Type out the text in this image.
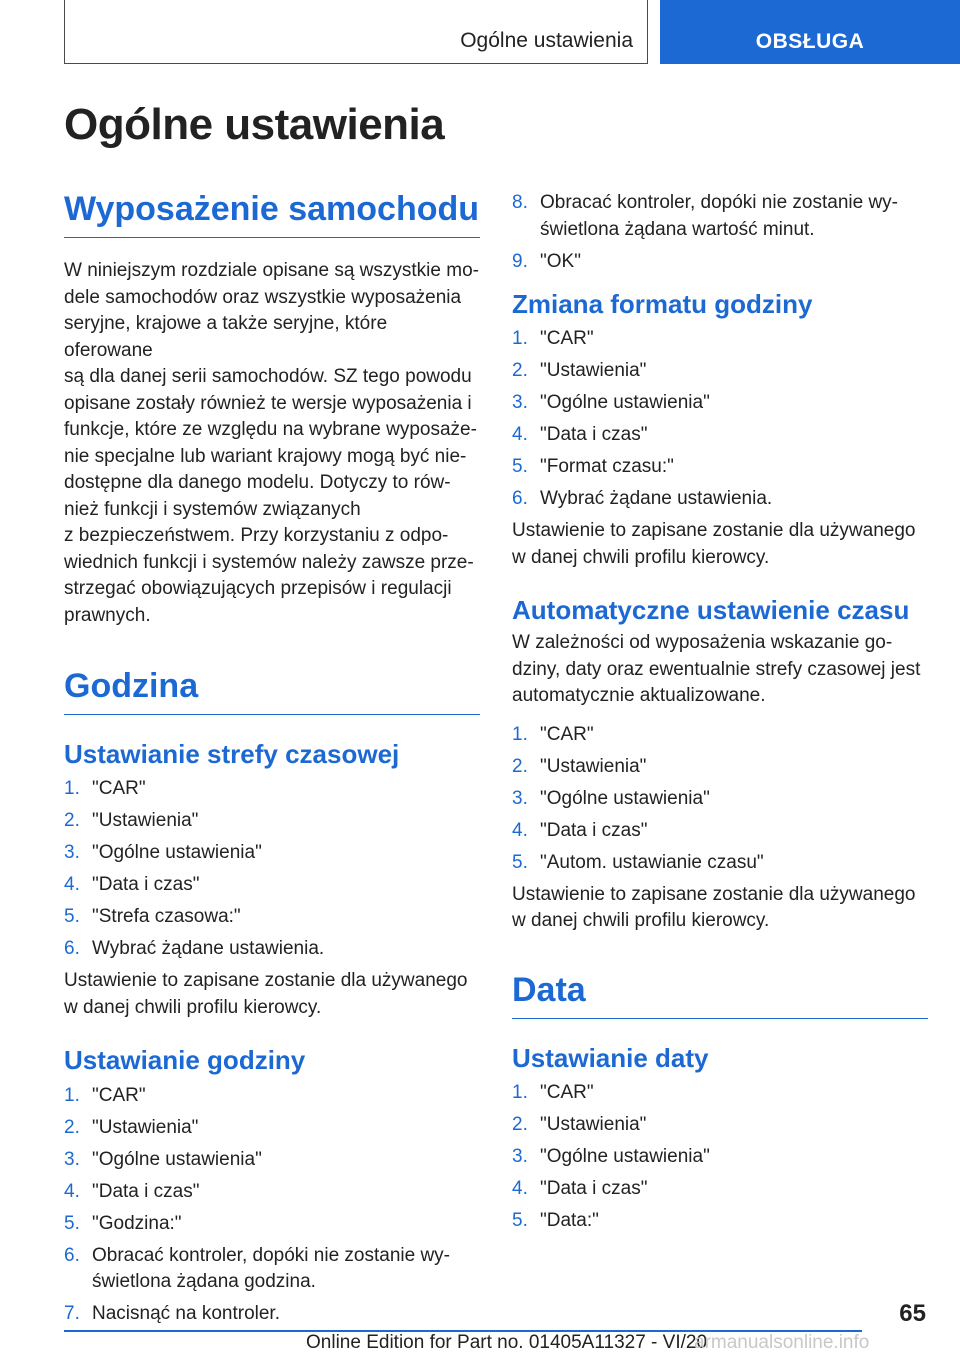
Ogólne ustawienia	OBSŁUGA
Ogólne ustawienia
Wyposażenie samochodu
W niniejszym rozdziale opisane są wszystkie mo‐
dele samochodów oraz wszystkie wyposażenia
seryjne, krajowe a także seryjne, które oferowane
są dla danej serii samochodów. SZ tego powodu
opisane zostały również te wersje wyposażenia i
funkcje, które ze względu na wybrane wyposaże‐
nie specjalne lub wariant krajowy mogą być nie‐
dostępne dla danego modelu. Dotyczy to rów‐
nież funkcji i systemów związanych
z bezpieczeństwem. Przy korzystaniu z odpo‐
wiednich funkcji i systemów należy zawsze prze‐
strzegać obowiązujących przepisów i regulacji
prawnych.
Godzina
Ustawianie strefy czasowej
1. "CAR"
2. "Ustawienia"
3. "Ogólne ustawienia"
4. "Data i czas"
5. "Strefa czasowa:"
6. Wybrać żądane ustawienia.
Ustawienie to zapisane zostanie dla używanego
w danej chwili profilu kierowcy.
Ustawianie godziny
1. "CAR"
2. "Ustawienia"
3. "Ogólne ustawienia"
4. "Data i czas"
5. "Godzina:"
6. Obracać kontroler, dopóki nie zostanie wy‐ świetlona żądana godzina.
7. Nacisnąć na kontroler.
8. Obracać kontroler, dopóki nie zostanie wy‐ świetlona żądana wartość minut.
9. "OK"
Zmiana formatu godziny
1. "CAR"
2. "Ustawienia"
3. "Ogólne ustawienia"
4. "Data i czas"
5. "Format czasu:"
6. Wybrać żądane ustawienia.
Ustawienie to zapisane zostanie dla używanego
w danej chwili profilu kierowcy.
Automatyczne ustawienie czasu
W zależności od wyposażenia wskazanie go‐
dziny, daty oraz ewentualnie strefy czasowej jest
automatycznie aktualizowane.
1. "CAR"
2. "Ustawienia"
3. "Ogólne ustawienia"
4. "Data i czas"
5. "Autom. ustawianie czasu"
Ustawienie to zapisane zostanie dla używanego
w danej chwili profilu kierowcy.
Data
Ustawianie daty
1. "CAR"
2. "Ustawienia"
3. "Ogólne ustawienia"
4. "Data i czas"
5. "Data:"
65
Online Edition for Part no. 01405A11327 - VI/20
armanualsonline.info
